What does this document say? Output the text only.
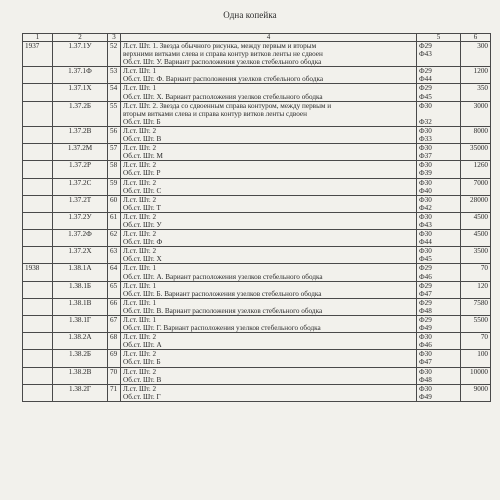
Одна копейка
1	2	3	4	5	6
1937	1.37.1У	52	Л.ст. Шт. 1. Звезда обычного рисунка, между первым и вторым
верхними витками слева и справа контур витков ленты не сдвоен
Об.ст. Шт. У. Вариант расположения узелков стебельного ободка	Ф29
Ф43	300
	1.37.1Ф	53	Л.ст. Шт. 1
Об.ст. Шт. Ф. Вариант расположения узелков стебельного ободка	Ф29
Ф44	1200
	1.37.1Х	54	Л.ст. Шт. 1
Об.ст. Шт. Х. Вариант расположения узелков стебельного ободка	Ф29
Ф45	350
	1.37.2Б	55	Л.ст. Шт. 2. Звезда со сдвоенным справа контуром, между первым и
вторым витками слева и справа контур витков ленты сдвоен
Об.ст. Шт. Б	Ф30

Ф32	3000
	1.37.2В	56	Л.ст. Шт. 2
Об.ст. Шт. В	Ф30
Ф33	8000
	1.37.2М	57	Л.ст. Шт. 2
Об.ст. Шт. М	Ф30
Ф37	35000
	1.37.2Р	58	Л.ст. Шт. 2
Об.ст. Шт. Р	Ф30
Ф39	1260
	1.37.2С	59	Л.ст. Шт. 2
Об.ст. Шт. С	Ф30
Ф40	7000
	1.37.2Т	60	Л.ст. Шт. 2
Об.ст. Шт. Т	Ф30
Ф42	28000
	1.37.2У	61	Л.ст. Шт. 2
Об.ст. Шт. У	Ф30
Ф43	4500
	1.37.2Ф	62	Л.ст. Шт. 2
Об.ст. Шт. Ф	Ф30
Ф44	4500
	1.37.2Х	63	Л.ст. Шт. 2
Об.ст. Шт. Х	Ф30
Ф45	3500
1938	1.38.1А	64	Л.ст. Шт. 1
Об.ст. Шт. А. Вариант расположения узелков стебельного ободка	Ф29
Ф46	70
	1.38.1Б	65	Л.ст. Шт. 1
Об.ст. Шт. Б. Вариант расположения узелков стебельного ободка	Ф29
Ф47	120
	1.38.1В	66	Л.ст. Шт. 1
Об.ст. Шт. В. Вариант расположения узелков стебельного ободка	Ф29
Ф48	7580
	1.38.1Г	67	Л.ст. Шт. 1
Об.ст. Шт. Г. Вариант расположения узелков стебельного ободка	Ф29
Ф49	5500
	1.38.2А	68	Л.ст. Шт. 2
Об.ст. Шт. А	Ф30
Ф46	70
	1.38.2Б	69	Л.ст. Шт. 2
Об.ст. Шт. Б	Ф30
Ф47	100
	1.38.2В	70	Л.ст. Шт. 2
Об.ст. Шт. В	Ф30
Ф48	10000
	1.38.2Г	71	Л.ст. Шт. 2
Об.ст. Шт. Г	Ф30
Ф49	9000
